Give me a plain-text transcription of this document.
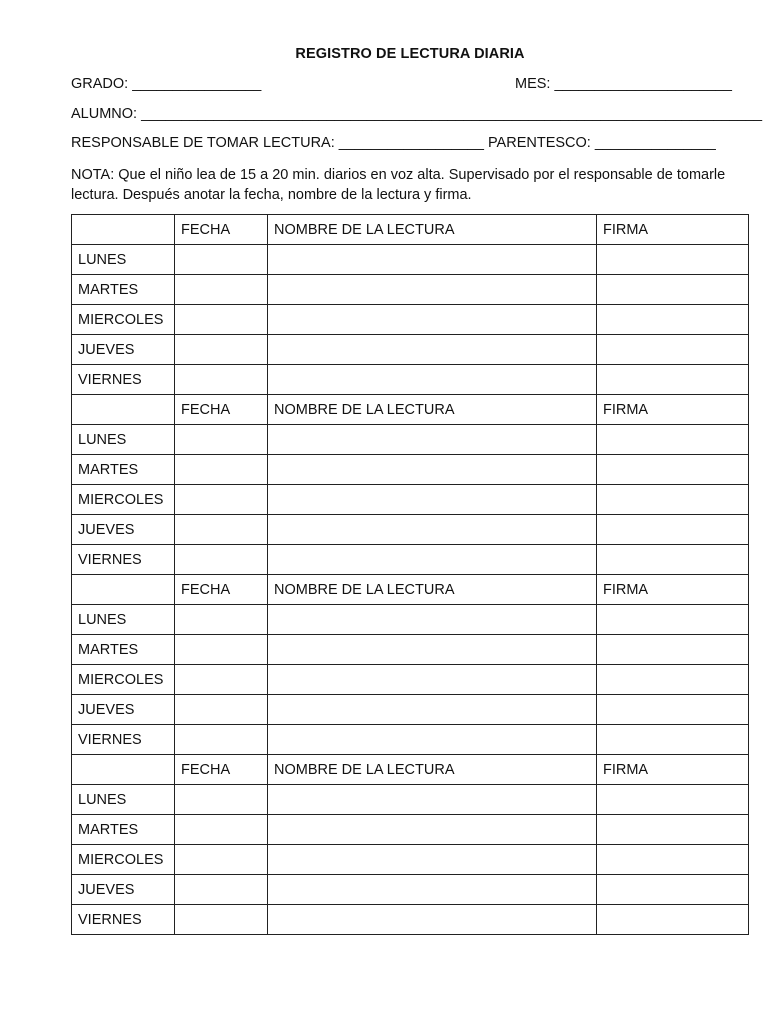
REGISTRO DE LECTURA DIARIA
GRADO: ________________	MES: ______________________
ALUMNO: _____________________________________________________________________________
RESPONSABLE DE TOMAR LECTURA: __________________ PARENTESCO: _______________
NOTA: Que el niño lea de 15 a 20 min. diarios en voz alta. Supervisado por el responsable de tomarle lectura. Después anotar la fecha, nombre de la lectura y firma.
	FECHA	NOMBRE DE LA LECTURA	FIRMA
LUNES			
MARTES			
MIERCOLES			
JUEVES			
VIERNES			
	FECHA	NOMBRE DE LA LECTURA	FIRMA
LUNES			
MARTES			
MIERCOLES			
JUEVES			
VIERNES			
	FECHA	NOMBRE DE LA LECTURA	FIRMA
LUNES			
MARTES			
MIERCOLES			
JUEVES			
VIERNES			
	FECHA	NOMBRE DE LA LECTURA	FIRMA
LUNES			
MARTES			
MIERCOLES			
JUEVES			
VIERNES			
